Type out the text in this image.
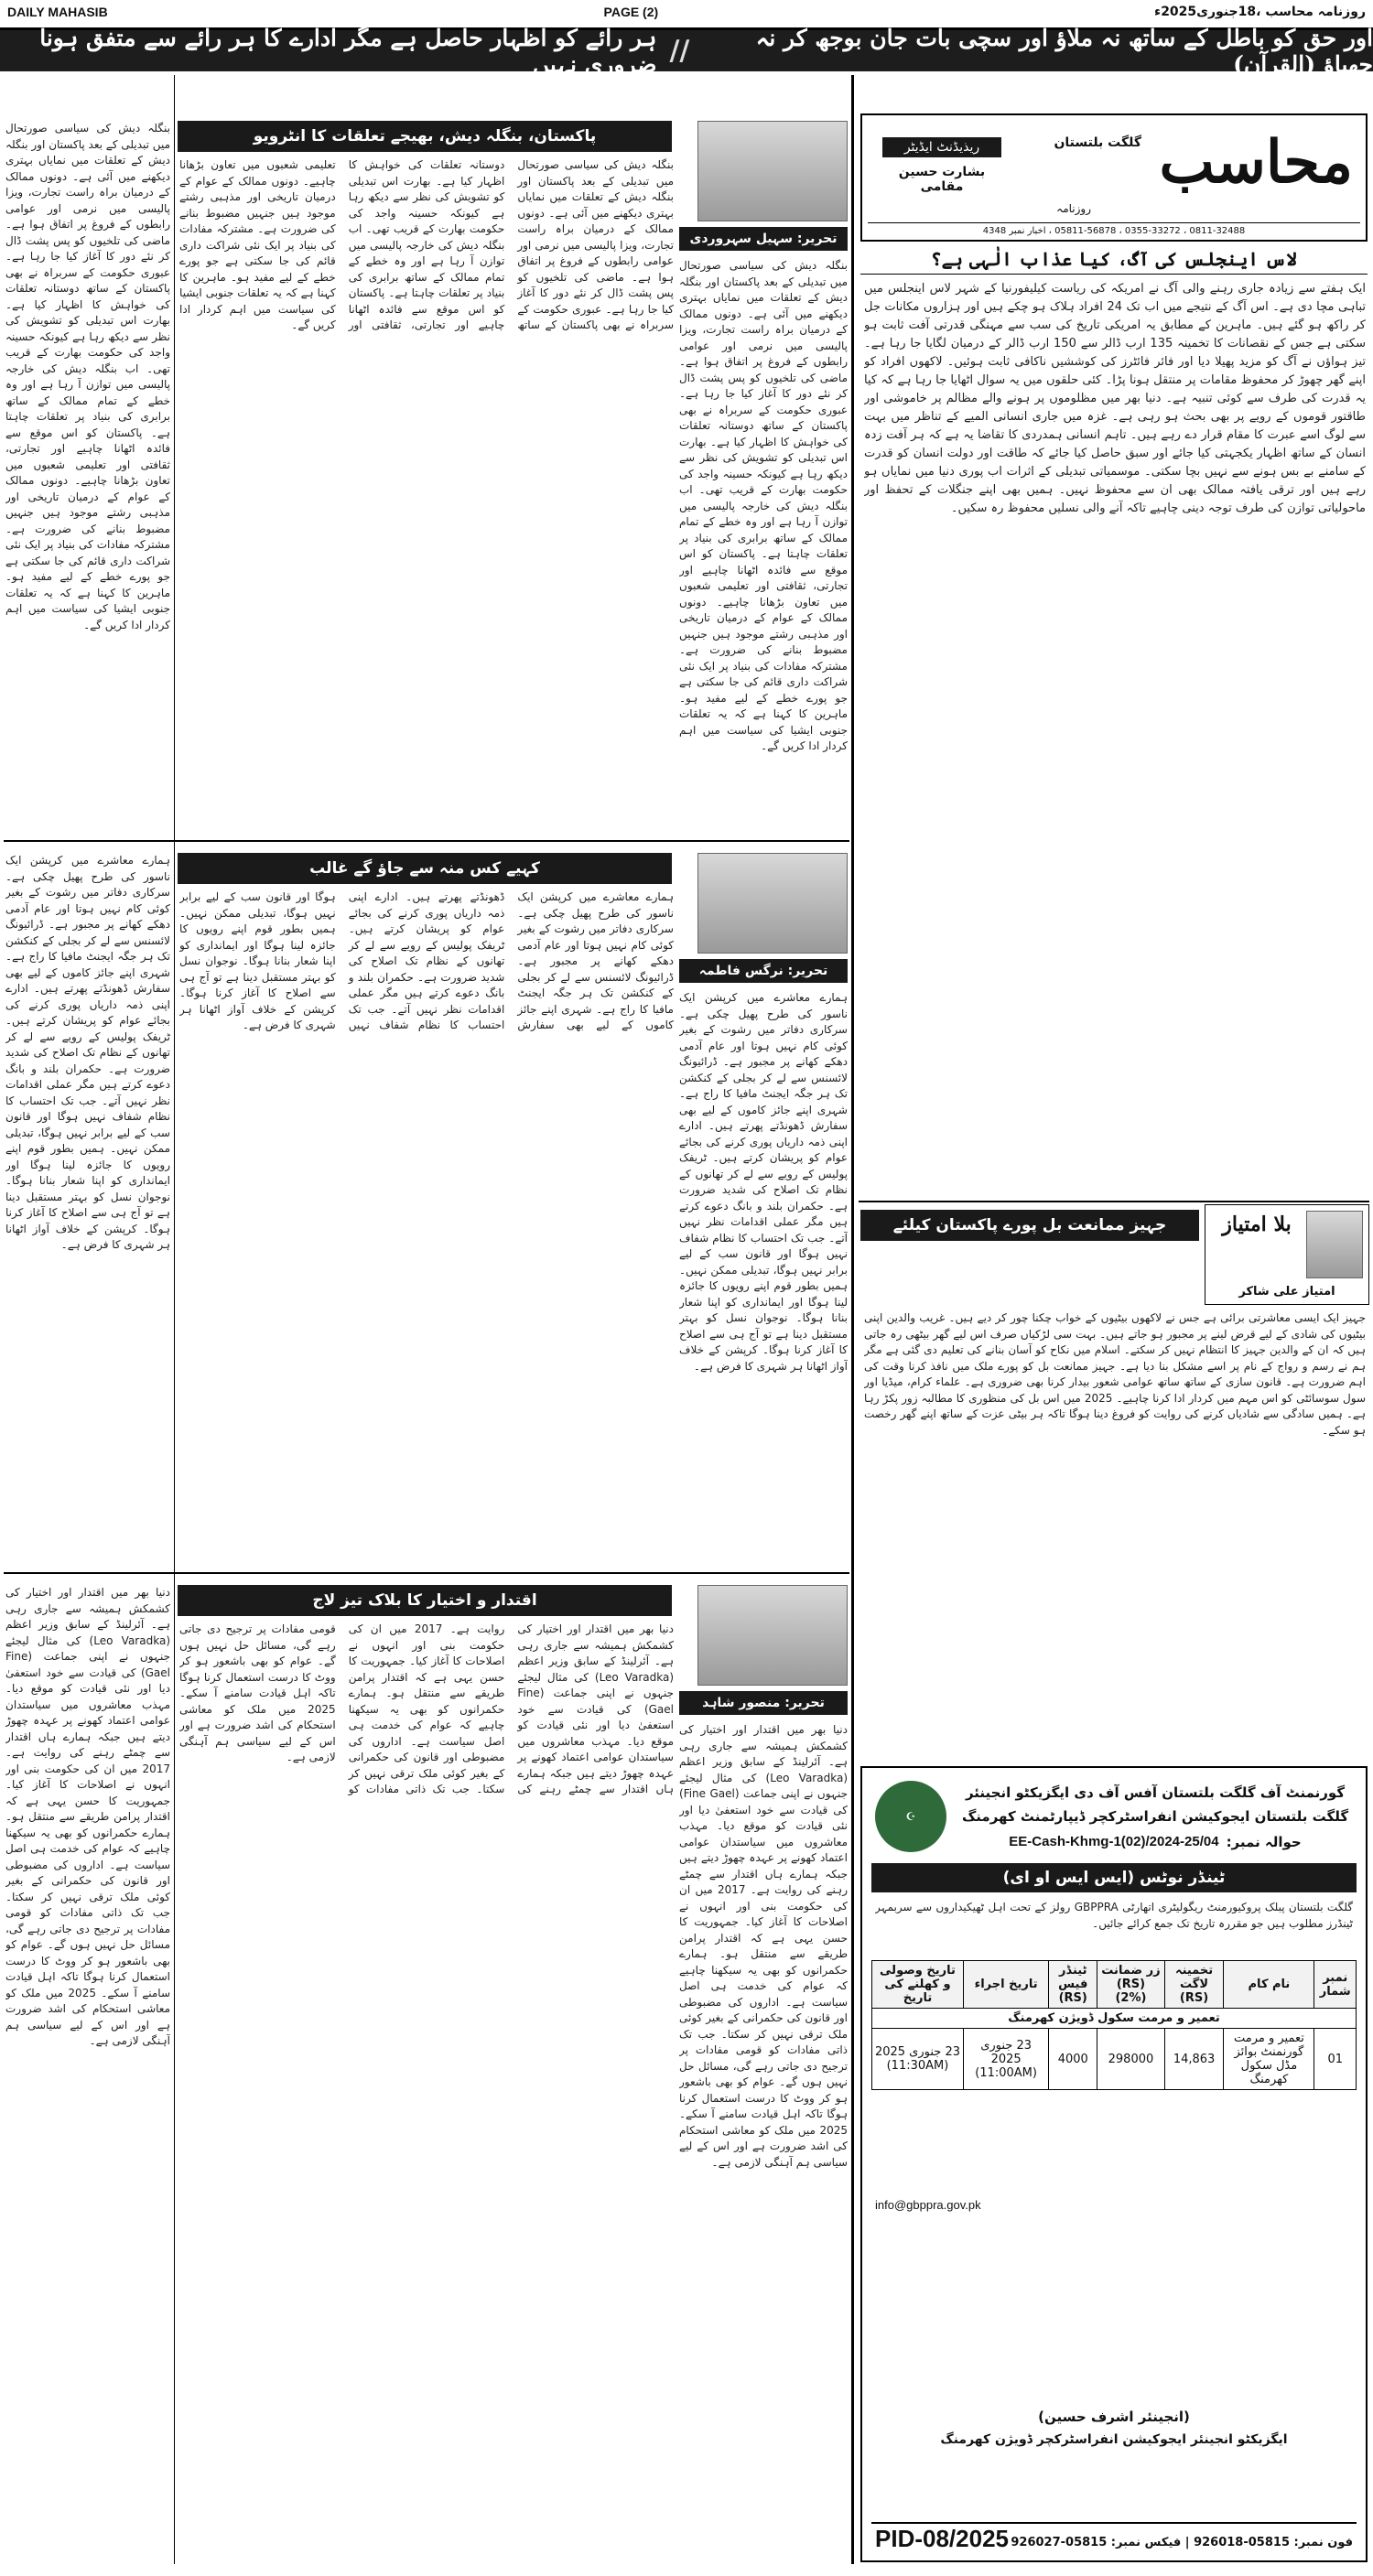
DAILY MAHASIB	PAGE (2)	روزنامہ محاسب ،18جنوری2025ء
اور حق کو باطل کے ساتھ نہ ملاؤ اور سچی بات جان بوجھ کر نہ چھپاؤ (القرآن)
//
ہر رائے کو اظہار حاصل ہے مگر ادارے کا ہر رائے سے متفق ہونا ضروری نہیں
محاسب
گلگت بلتستان
روزنامہ
ریذیڈنٹ ایڈیٹر
بشارت حسین مقامی
0811-32488 ، 0355-33272 ، 05811-56878 ، اخبار نمبر 4348
لاس اینجلس کی آگ، کیا عذاب الٰہی ہے؟

ایک ہفتے سے زیادہ جاری رہنے والی آگ نے امریکہ کی ریاست کیلیفورنیا کے شہر لاس اینجلس میں تباہی مچا دی ہے۔ اس آگ کے نتیجے میں اب تک 24 افراد ہلاک ہو چکے ہیں اور ہزاروں مکانات جل کر راکھ ہو گئے ہیں۔ ماہرین کے مطابق یہ امریکی تاریخ کی سب سے مہنگی قدرتی آفت ثابت ہو سکتی ہے جس کے نقصانات کا تخمینہ 135 ارب ڈالر سے 150 ارب ڈالر کے درمیان لگایا جا رہا ہے۔ تیز ہواؤں نے آگ کو مزید پھیلا دیا اور فائر فائٹرز کی کوششیں ناکافی ثابت ہوئیں۔ لاکھوں افراد کو اپنے گھر چھوڑ کر محفوظ مقامات پر منتقل ہونا پڑا۔ کئی حلقوں میں یہ سوال اٹھایا جا رہا ہے کہ کیا یہ قدرت کی طرف سے کوئی تنبیہ ہے۔ دنیا بھر میں مظلوموں پر ہونے والے مظالم پر خاموشی اور طاقتور قوموں کے رویے پر بھی بحث ہو رہی ہے۔ غزہ میں جاری انسانی المیے کے تناظر میں بہت سے لوگ اسے عبرت کا مقام قرار دے رہے ہیں۔ تاہم انسانی ہمدردی کا تقاضا یہ ہے کہ ہر آفت زدہ انسان کے ساتھ اظہار یکجہتی کیا جائے اور سبق حاصل کیا جائے کہ طاقت اور دولت انسان کو قدرت کے سامنے بے بس ہونے سے نہیں بچا سکتی۔ موسمیاتی تبدیلی کے اثرات اب پوری دنیا میں نمایاں ہو رہے ہیں اور ترقی یافتہ ممالک بھی ان سے محفوظ نہیں۔ ہمیں بھی اپنے جنگلات کے تحفظ اور ماحولیاتی توازن کی طرف توجہ دینی چاہیے تاکہ آنے والی نسلیں محفوظ رہ سکیں۔

جہیز ممانعت بل پورے پاکستان کیلئے	بلا امتیاز
امتیاز علی شاکر

جہیز ایک ایسی معاشرتی برائی ہے جس نے لاکھوں بیٹیوں کے خواب چکنا چور کر دیے ہیں۔ غریب والدین اپنی بیٹیوں کی شادی کے لیے قرض لینے پر مجبور ہو جاتے ہیں۔ بہت سی لڑکیاں صرف اس لیے گھر بیٹھی رہ جاتی ہیں کہ ان کے والدین جہیز کا انتظام نہیں کر سکتے۔ اسلام میں نکاح کو آسان بنانے کی تعلیم دی گئی ہے مگر ہم نے رسم و رواج کے نام پر اسے مشکل بنا دیا ہے۔ جہیز ممانعت بل کو پورے ملک میں نافذ کرنا وقت کی اہم ضرورت ہے۔ قانون سازی کے ساتھ ساتھ عوامی شعور بیدار کرنا بھی ضروری ہے۔ علماء کرام، میڈیا اور سول سوسائٹی کو اس مہم میں کردار ادا کرنا چاہیے۔ 2025 میں اس بل کی منظوری کا مطالبہ زور پکڑ رہا ہے۔ ہمیں سادگی سے شادیاں کرنے کی روایت کو فروغ دینا ہوگا تاکہ ہر بیٹی عزت کے ساتھ اپنے گھر رخصت ہو سکے۔

☪
گورنمنٹ آف گلگت بلتستان آفس آف دی ایگزیکٹو انجینئر
گلگت بلتستان ایجوکیشن انفراسٹرکچر ڈیپارٹمنٹ کھرمنگ
حوالہ نمبر:
EE-Cash-Khmg-1(02)/2024-25/04
ٹینڈر نوٹس (ایس ایس او ای)

گلگت بلتستان پبلک پروکیورمنٹ ریگولیٹری اتھارٹی GBPPRA رولز کے تحت اہل ٹھیکیداروں سے سربمہر ٹینڈرز مطلوب ہیں جو مقررہ تاریخ تک جمع کرائے جائیں۔

نمبر شمار	نام کام	تخمینہ لاگت (RS)	زر ضمانت (RS) (2%)	ٹینڈر فیس (RS)	تاریخ اجراء	تاریخ وصولی و کھلنے کی تاریخ
تعمیر و مرمت سکول ڈویژن کھرمنگ						
01	تعمیر و مرمت گورنمنٹ بوائز مڈل سکول کھرمنگ	14,863	298000	4000	23 جنوری 2025 (11:00AM)	23 جنوری 2025 (11:30AM)
info@gbppra.gov.pk
(انجینئر اشرف حسین)
ایگزیکٹو انجینئر ایجوکیشن انفراسٹرکچر ڈویژن کھرمنگ
PID-08/2025 فون نمبر: 05815-926018 | فیکس نمبر: 05815-926027
پاکستان، بنگلہ دیش، بھیجے تعلقات کا انٹرویو
تحریر: سہیل سہروردی

بنگلہ دیش کی سیاسی صورتحال میں تبدیلی کے بعد پاکستان اور بنگلہ دیش کے تعلقات میں نمایاں بہتری دیکھنے میں آئی ہے۔ دونوں ممالک کے درمیان براہ راست تجارت، ویزا پالیسی میں نرمی اور عوامی رابطوں کے فروغ پر اتفاق ہوا ہے۔ ماضی کی تلخیوں کو پس پشت ڈال کر نئے دور کا آغاز کیا جا رہا ہے۔ عبوری حکومت کے سربراہ نے بھی پاکستان کے ساتھ دوستانہ تعلقات کی خواہش کا اظہار کیا ہے۔ بھارت اس تبدیلی کو تشویش کی نظر سے دیکھ رہا ہے کیونکہ حسینہ واجد کی حکومت بھارت کے قریب تھی۔ اب بنگلہ دیش کی خارجہ پالیسی میں توازن آ رہا ہے اور وہ خطے کے تمام ممالک کے ساتھ برابری کی بنیاد پر تعلقات چاہتا ہے۔ پاکستان کو اس موقع سے فائدہ اٹھانا چاہیے اور تجارتی، ثقافتی اور تعلیمی شعبوں میں تعاون بڑھانا چاہیے۔ دونوں ممالک کے عوام کے درمیان تاریخی اور مذہبی رشتے موجود ہیں جنہیں مضبوط بنانے کی ضرورت ہے۔ مشترکہ مفادات کی بنیاد پر ایک نئی شراکت داری قائم کی جا سکتی ہے جو پورے خطے کے لیے مفید ہو۔ ماہرین کا کہنا ہے کہ یہ تعلقات جنوبی ایشیا کی سیاست میں اہم کردار ادا کریں گے۔

بنگلہ دیش کی سیاسی صورتحال میں تبدیلی کے بعد پاکستان اور بنگلہ دیش کے تعلقات میں نمایاں بہتری دیکھنے میں آئی ہے۔ دونوں ممالک کے درمیان براہ راست تجارت، ویزا پالیسی میں نرمی اور عوامی رابطوں کے فروغ پر اتفاق ہوا ہے۔ ماضی کی تلخیوں کو پس پشت ڈال کر نئے دور کا آغاز کیا جا رہا ہے۔ عبوری حکومت کے سربراہ نے بھی پاکستان کے ساتھ دوستانہ تعلقات کی خواہش کا اظہار کیا ہے۔ بھارت اس تبدیلی کو تشویش کی نظر سے دیکھ رہا ہے کیونکہ حسینہ واجد کی حکومت بھارت کے قریب تھی۔ اب بنگلہ دیش کی خارجہ پالیسی میں توازن آ رہا ہے اور وہ خطے کے تمام ممالک کے ساتھ برابری کی بنیاد پر تعلقات چاہتا ہے۔ پاکستان کو اس موقع سے فائدہ اٹھانا چاہیے اور تجارتی، ثقافتی اور تعلیمی شعبوں میں تعاون بڑھانا چاہیے۔ دونوں ممالک کے عوام کے درمیان تاریخی اور مذہبی رشتے موجود ہیں جنہیں مضبوط بنانے کی ضرورت ہے۔ مشترکہ مفادات کی بنیاد پر ایک نئی شراکت داری قائم کی جا سکتی ہے جو پورے خطے کے لیے مفید ہو۔ ماہرین کا کہنا ہے کہ یہ تعلقات جنوبی ایشیا کی سیاست میں اہم کردار ادا کریں گے۔

بنگلہ دیش کی سیاسی صورتحال میں تبدیلی کے بعد پاکستان اور بنگلہ دیش کے تعلقات میں نمایاں بہتری دیکھنے میں آئی ہے۔ دونوں ممالک کے درمیان براہ راست تجارت، ویزا پالیسی میں نرمی اور عوامی رابطوں کے فروغ پر اتفاق ہوا ہے۔ ماضی کی تلخیوں کو پس پشت ڈال کر نئے دور کا آغاز کیا جا رہا ہے۔ عبوری حکومت کے سربراہ نے بھی پاکستان کے ساتھ دوستانہ تعلقات کی خواہش کا اظہار کیا ہے۔ بھارت اس تبدیلی کو تشویش کی نظر سے دیکھ رہا ہے کیونکہ حسینہ واجد کی حکومت بھارت کے قریب تھی۔ اب بنگلہ دیش کی خارجہ پالیسی میں توازن آ رہا ہے اور وہ خطے کے تمام ممالک کے ساتھ برابری کی بنیاد پر تعلقات چاہتا ہے۔ پاکستان کو اس موقع سے فائدہ اٹھانا چاہیے اور تجارتی، ثقافتی اور تعلیمی شعبوں میں تعاون بڑھانا چاہیے۔ دونوں ممالک کے عوام کے درمیان تاریخی اور مذہبی رشتے موجود ہیں جنہیں مضبوط بنانے کی ضرورت ہے۔ مشترکہ مفادات کی بنیاد پر ایک نئی شراکت داری قائم کی جا سکتی ہے جو پورے خطے کے لیے مفید ہو۔ ماہرین کا کہنا ہے کہ یہ تعلقات جنوبی ایشیا کی سیاست میں اہم کردار ادا کریں گے۔

کہیے کس منہ سے جاؤ گے غالب
تحریر: نرگس فاطمہ

ہمارے معاشرے میں کرپشن ایک ناسور کی طرح پھیل چکی ہے۔ سرکاری دفاتر میں رشوت کے بغیر کوئی کام نہیں ہوتا اور عام آدمی دھکے کھانے پر مجبور ہے۔ ڈرائیونگ لائسنس سے لے کر بجلی کے کنکشن تک ہر جگہ ایجنٹ مافیا کا راج ہے۔ شہری اپنے جائز کاموں کے لیے بھی سفارش ڈھونڈتے پھرتے ہیں۔ ادارے اپنی ذمہ داریاں پوری کرنے کی بجائے عوام کو پریشان کرتے ہیں۔ ٹریفک پولیس کے رویے سے لے کر تھانوں کے نظام تک اصلاح کی شدید ضرورت ہے۔ حکمران بلند و بانگ دعوے کرتے ہیں مگر عملی اقدامات نظر نہیں آتے۔ جب تک احتساب کا نظام شفاف نہیں ہوگا اور قانون سب کے لیے برابر نہیں ہوگا، تبدیلی ممکن نہیں۔ ہمیں بطور قوم اپنے رویوں کا جائزہ لینا ہوگا اور ایمانداری کو اپنا شعار بنانا ہوگا۔ نوجوان نسل کو بہتر مستقبل دینا ہے تو آج ہی سے اصلاح کا آغاز کرنا ہوگا۔ کرپشن کے خلاف آواز اٹھانا ہر شہری کا فرض ہے۔

ہمارے معاشرے میں کرپشن ایک ناسور کی طرح پھیل چکی ہے۔ سرکاری دفاتر میں رشوت کے بغیر کوئی کام نہیں ہوتا اور عام آدمی دھکے کھانے پر مجبور ہے۔ ڈرائیونگ لائسنس سے لے کر بجلی کے کنکشن تک ہر جگہ ایجنٹ مافیا کا راج ہے۔ شہری اپنے جائز کاموں کے لیے بھی سفارش ڈھونڈتے پھرتے ہیں۔ ادارے اپنی ذمہ داریاں پوری کرنے کی بجائے عوام کو پریشان کرتے ہیں۔ ٹریفک پولیس کے رویے سے لے کر تھانوں کے نظام تک اصلاح کی شدید ضرورت ہے۔ حکمران بلند و بانگ دعوے کرتے ہیں مگر عملی اقدامات نظر نہیں آتے۔ جب تک احتساب کا نظام شفاف نہیں ہوگا اور قانون سب کے لیے برابر نہیں ہوگا، تبدیلی ممکن نہیں۔ ہمیں بطور قوم اپنے رویوں کا جائزہ لینا ہوگا اور ایمانداری کو اپنا شعار بنانا ہوگا۔ نوجوان نسل کو بہتر مستقبل دینا ہے تو آج ہی سے اصلاح کا آغاز کرنا ہوگا۔ کرپشن کے خلاف آواز اٹھانا ہر شہری کا فرض ہے۔

ہمارے معاشرے میں کرپشن ایک ناسور کی طرح پھیل چکی ہے۔ سرکاری دفاتر میں رشوت کے بغیر کوئی کام نہیں ہوتا اور عام آدمی دھکے کھانے پر مجبور ہے۔ ڈرائیونگ لائسنس سے لے کر بجلی کے کنکشن تک ہر جگہ ایجنٹ مافیا کا راج ہے۔ شہری اپنے جائز کاموں کے لیے بھی سفارش ڈھونڈتے پھرتے ہیں۔ ادارے اپنی ذمہ داریاں پوری کرنے کی بجائے عوام کو پریشان کرتے ہیں۔ ٹریفک پولیس کے رویے سے لے کر تھانوں کے نظام تک اصلاح کی شدید ضرورت ہے۔ حکمران بلند و بانگ دعوے کرتے ہیں مگر عملی اقدامات نظر نہیں آتے۔ جب تک احتساب کا نظام شفاف نہیں ہوگا اور قانون سب کے لیے برابر نہیں ہوگا، تبدیلی ممکن نہیں۔ ہمیں بطور قوم اپنے رویوں کا جائزہ لینا ہوگا اور ایمانداری کو اپنا شعار بنانا ہوگا۔ نوجوان نسل کو بہتر مستقبل دینا ہے تو آج ہی سے اصلاح کا آغاز کرنا ہوگا۔ کرپشن کے خلاف آواز اٹھانا ہر شہری کا فرض ہے۔

اقتدار و اختیار کا بلاک تیز لاج
تحریر: منصور شاہد

دنیا بھر میں اقتدار اور اختیار کی کشمکش ہمیشہ سے جاری رہی ہے۔ آئرلینڈ کے سابق وزیر اعظم (Leo Varadka) کی مثال لیجئے جنہوں نے اپنی جماعت (Fine Gael) کی قیادت سے خود استعفیٰ دیا اور نئی قیادت کو موقع دیا۔ مہذب معاشروں میں سیاستدان عوامی اعتماد کھونے پر عہدہ چھوڑ دیتے ہیں جبکہ ہمارے ہاں اقتدار سے چمٹے رہنے کی روایت ہے۔ 2017 میں ان کی حکومت بنی اور انہوں نے اصلاحات کا آغاز کیا۔ جمہوریت کا حسن یہی ہے کہ اقتدار پرامن طریقے سے منتقل ہو۔ ہمارے حکمرانوں کو بھی یہ سیکھنا چاہیے کہ عوام کی خدمت ہی اصل سیاست ہے۔ اداروں کی مضبوطی اور قانون کی حکمرانی کے بغیر کوئی ملک ترقی نہیں کر سکتا۔ جب تک ذاتی مفادات کو قومی مفادات پر ترجیح دی جاتی رہے گی، مسائل حل نہیں ہوں گے۔ عوام کو بھی باشعور ہو کر ووٹ کا درست استعمال کرنا ہوگا تاکہ اہل قیادت سامنے آ سکے۔ 2025 میں ملک کو معاشی استحکام کی اشد ضرورت ہے اور اس کے لیے سیاسی ہم آہنگی لازمی ہے۔

دنیا بھر میں اقتدار اور اختیار کی کشمکش ہمیشہ سے جاری رہی ہے۔ آئرلینڈ کے سابق وزیر اعظم (Leo Varadka) کی مثال لیجئے جنہوں نے اپنی جماعت (Fine Gael) کی قیادت سے خود استعفیٰ دیا اور نئی قیادت کو موقع دیا۔ مہذب معاشروں میں سیاستدان عوامی اعتماد کھونے پر عہدہ چھوڑ دیتے ہیں جبکہ ہمارے ہاں اقتدار سے چمٹے رہنے کی روایت ہے۔ 2017 میں ان کی حکومت بنی اور انہوں نے اصلاحات کا آغاز کیا۔ جمہوریت کا حسن یہی ہے کہ اقتدار پرامن طریقے سے منتقل ہو۔ ہمارے حکمرانوں کو بھی یہ سیکھنا چاہیے کہ عوام کی خدمت ہی اصل سیاست ہے۔ اداروں کی مضبوطی اور قانون کی حکمرانی کے بغیر کوئی ملک ترقی نہیں کر سکتا۔ جب تک ذاتی مفادات کو قومی مفادات پر ترجیح دی جاتی رہے گی، مسائل حل نہیں ہوں گے۔ عوام کو بھی باشعور ہو کر ووٹ کا درست استعمال کرنا ہوگا تاکہ اہل قیادت سامنے آ سکے۔ 2025 میں ملک کو معاشی استحکام کی اشد ضرورت ہے اور اس کے لیے سیاسی ہم آہنگی لازمی ہے۔

دنیا بھر میں اقتدار اور اختیار کی کشمکش ہمیشہ سے جاری رہی ہے۔ آئرلینڈ کے سابق وزیر اعظم (Leo Varadka) کی مثال لیجئے جنہوں نے اپنی جماعت (Fine Gael) کی قیادت سے خود استعفیٰ دیا اور نئی قیادت کو موقع دیا۔ مہذب معاشروں میں سیاستدان عوامی اعتماد کھونے پر عہدہ چھوڑ دیتے ہیں جبکہ ہمارے ہاں اقتدار سے چمٹے رہنے کی روایت ہے۔ 2017 میں ان کی حکومت بنی اور انہوں نے اصلاحات کا آغاز کیا۔ جمہوریت کا حسن یہی ہے کہ اقتدار پرامن طریقے سے منتقل ہو۔ ہمارے حکمرانوں کو بھی یہ سیکھنا چاہیے کہ عوام کی خدمت ہی اصل سیاست ہے۔ اداروں کی مضبوطی اور قانون کی حکمرانی کے بغیر کوئی ملک ترقی نہیں کر سکتا۔ جب تک ذاتی مفادات کو قومی مفادات پر ترجیح دی جاتی رہے گی، مسائل حل نہیں ہوں گے۔ عوام کو بھی باشعور ہو کر ووٹ کا درست استعمال کرنا ہوگا تاکہ اہل قیادت سامنے آ سکے۔ 2025 میں ملک کو معاشی استحکام کی اشد ضرورت ہے اور اس کے لیے سیاسی ہم آہنگی لازمی ہے۔
